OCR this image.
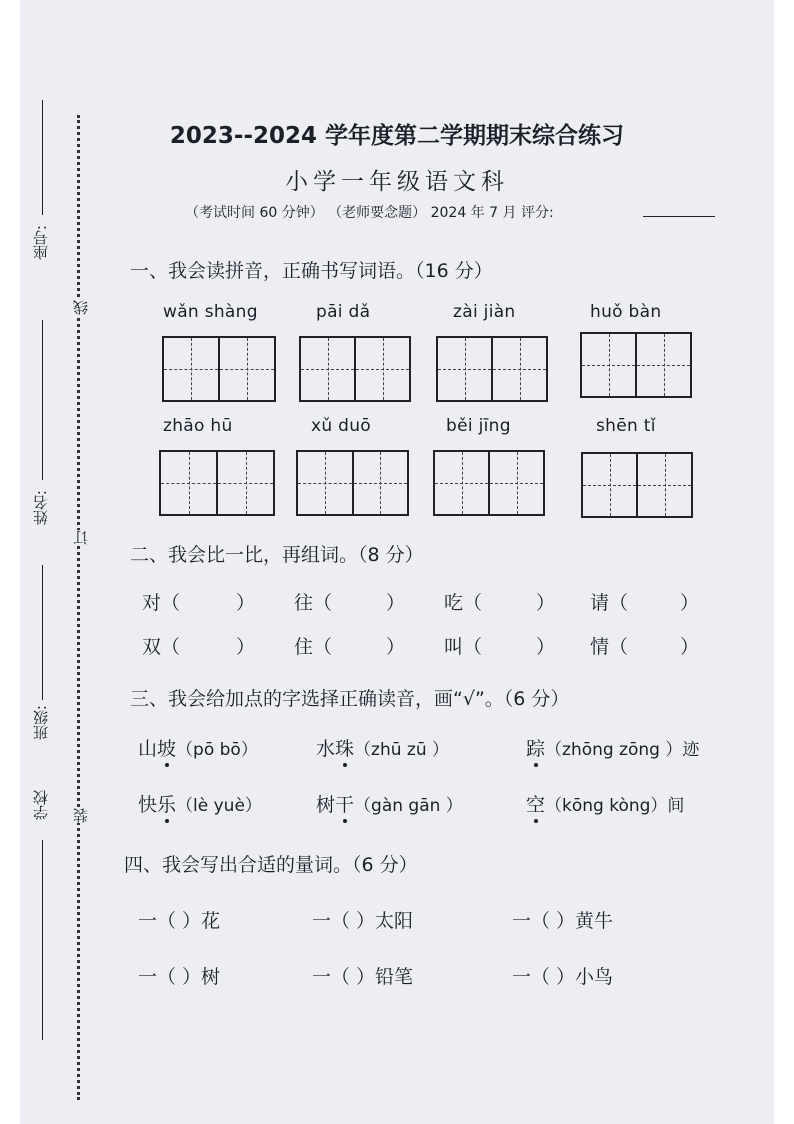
座号:
姓名:
班级:
学校
线
订
装
2023--2024 学年度第二学期期末综合练习
小学一年级语文科
（考试时间 60 分钟） （老师要念题） 2024 年 7 月 评分:
一、我会读拼音，正确书写词语。（16 分）
wǎn shàng	pāi dǎ	zài jiàn	huǒ bàn
zhāo hū	xǔ duō	běi jīng	shēn tǐ
二、我会比一比，再组词。（8 分）
对（	） 往（	） 吃（	） 请（	）
双（	） 住（	） 叫（	） 情（	）
三、我会给加点的字选择正确读音，画“√”。（6 分）
山坡（pō bō）	水珠（zhū zū ）	踪（zhōng zōng ）迹
快乐（lè yuè）	树干（gàn gān ）	空（kōng kòng）间
四、我会写出合适的量词。（6 分）
一（ ）花	一（ ）太阳	一（ ）黄牛
一（ ）树	一（ ）铅笔	一（ ）小鸟
